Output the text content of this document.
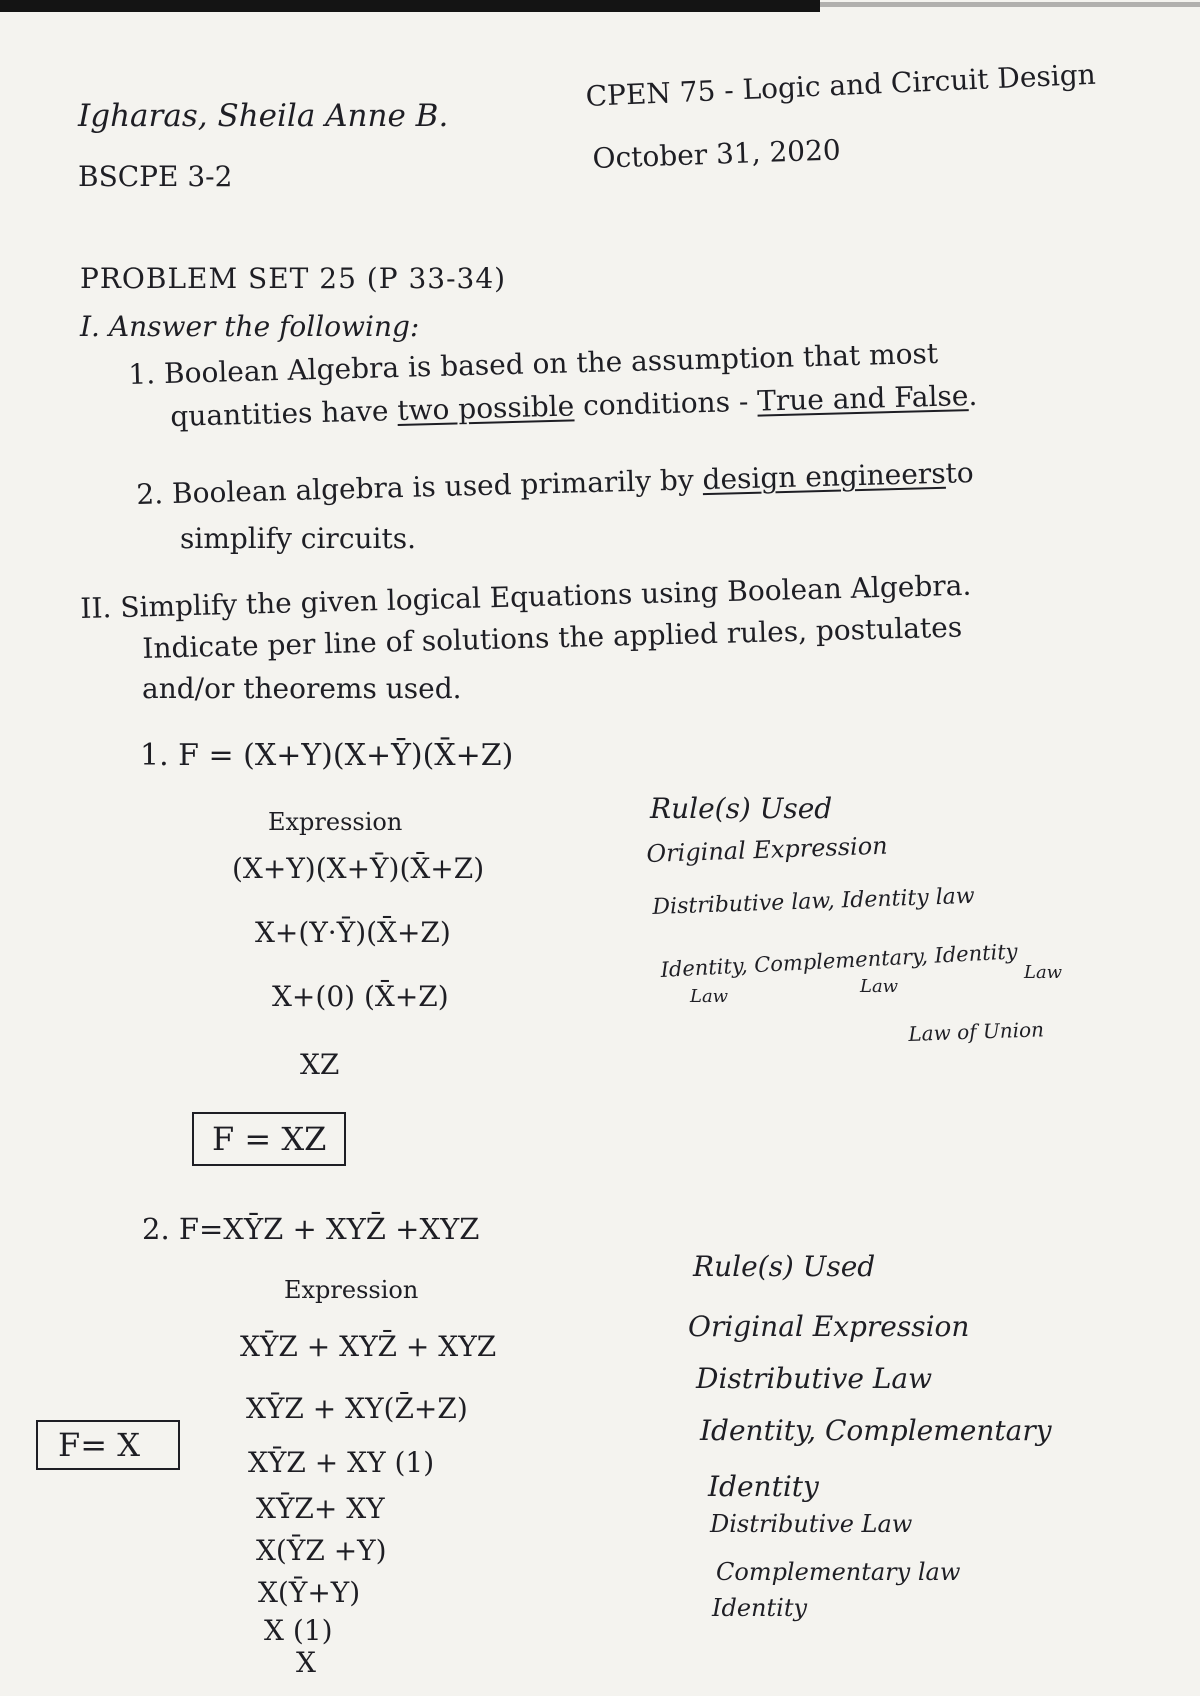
Igharas, Sheila Anne B.
BSCPE 3-2
CPEN 75 - Logic and Circuit Design
October 31, 2020
PROBLEM SET 25 (P 33-34)
I. Answer the following:
1. Boolean Algebra is based on the assumption that most
quantities have two possible conditions - True and False.
2. Boolean algebra is used primarily by design engineersto
simplify circuits.
II. Simplify the given logical Equations using Boolean Algebra.
Indicate per line of solutions the applied rules, postulates
and/or theorems used.
1. F = (X+Y)(X+Ȳ)(X̄+Z)
Expression	Rule(s) Used
(X+Y)(X+Ȳ)(X̄+Z)
X+(Y·Ȳ)(X̄+Z)
X+(0) (X̄+Z)
XZ
Original Expression
Distributive law, Identity law
Identity, Complementary, Identity
Law	Law
Law
Law of Union
F = XZ
2. F=XȲZ + XYZ̄ +XYZ
Expression
Rule(s) Used
XȲZ + XYZ̄ + XYZ
XȲZ + XY(Z̄+Z)
XȲZ + XY (1)
XȲZ+ XY
X(ȲZ +Y)
X(Ȳ+Y)
X (1)
X
Original Expression
Distributive Law
Identity, Complementary
Identity
Distributive Law
Complementary law
Identity
F= X
